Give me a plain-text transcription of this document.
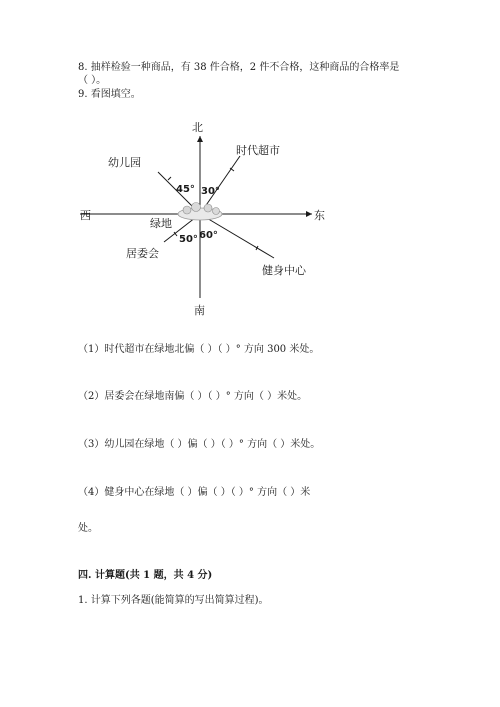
8. 抽样检验一种商品，有 38 件合格，2 件不合格，这种商品的合格率是
（ ）。
9. 看图填空。
北
南
东
西
时代超市
幼儿园
绿地
居委会
健身中心
45° 30°
50° 60°
（1）时代超市在绿地北偏（ ）（ ）° 方向 300 米处。
（2）居委会在绿地南偏（ ）（ ）° 方向（ ）米处。
（3）幼儿园在绿地（ ）偏（ ）（ ）° 方向（ ）米处。
（4）健身中心在绿地（ ）偏（ ）（ ）° 方向（ ）米
处。
四. 计算题(共 1 题，共 4 分)
1. 计算下列各题(能简算的写出简算过程)。
